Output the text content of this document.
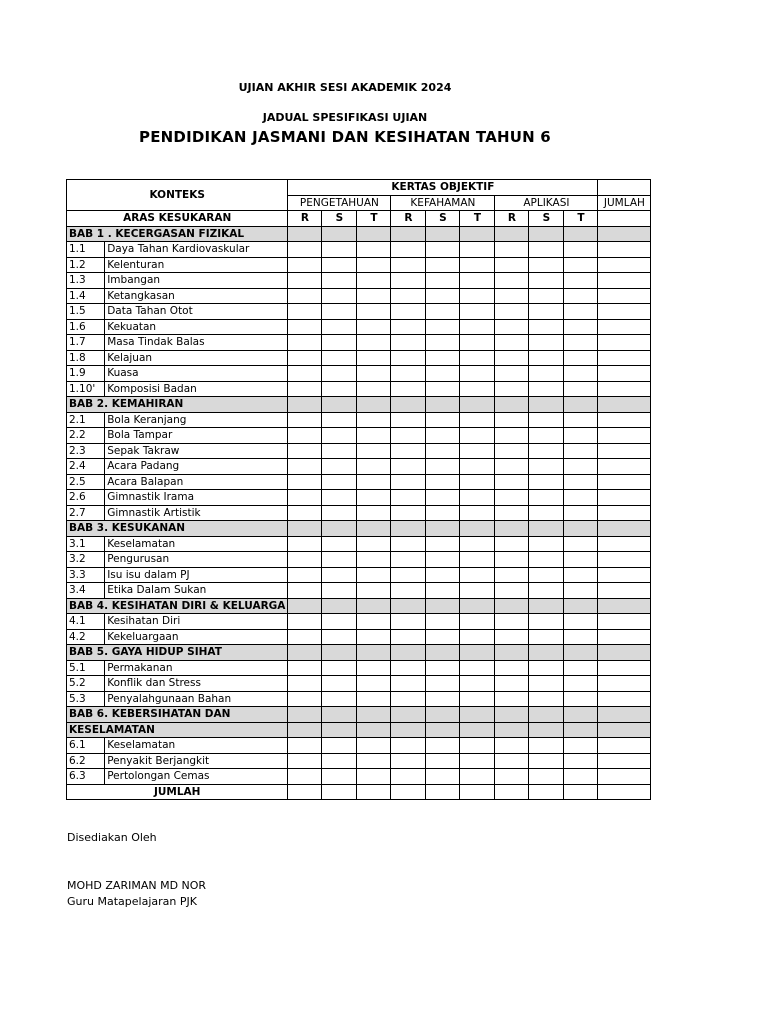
UJIAN AKHIR SESI AKADEMIK 2024
JADUAL SPESIFIKASI UJIAN
PENDIDIKAN JASMANI DAN KESIHATAN TAHUN 6
KONTEKS		KERTAS OBJEKTIF									
		PENGETAHUAN			KEFAHAMAN			APLIKASI			JUMLAH
ARAS KESUKARAN		R	S	T	R	S	T	R	S	T	
BAB 1 . KECERGASAN FIZIKAL											
1.1	Daya Tahan Kardiovaskular										
1.2	Kelenturan										
1.3	Imbangan										
1.4	Ketangkasan										
1.5	Data Tahan Otot										
1.6	Kekuatan										
1.7	Masa Tindak Balas										
1.8	Kelajuan										
1.9	Kuasa										
1.10'	Komposisi Badan										
BAB 2. KEMAHIRAN											
2.1	Bola Keranjang										
2.2	Bola Tampar										
2.3	Sepak Takraw										
2.4	Acara Padang										
2.5	Acara Balapan										
2.6	Gimnastik Irama										
2.7	Gimnastik Artistik										
BAB 3. KESUKANAN											
3.1	Keselamatan										
3.2	Pengurusan										
3.3	Isu isu dalam PJ										
3.4	Etika Dalam Sukan										
BAB 4. KESIHATAN DIRI & KELUARGA											
4.1	Kesihatan Diri										
4.2	Kekeluargaan										
BAB 5. GAYA HIDUP SIHAT											
5.1	Permakanan										
5.2	Konflik dan Stress										
5.3	Penyalahgunaan Bahan										
BAB 6. KEBERSIHATAN DAN											
KESELAMATAN											
6.1	Keselamatan										
6.2	Penyakit Berjangkit										
6.3	Pertolongan Cemas										
JUMLAH											
Disediakan Oleh
MOHD ZARIMAN MD NOR
Guru Matapelajaran PJK
